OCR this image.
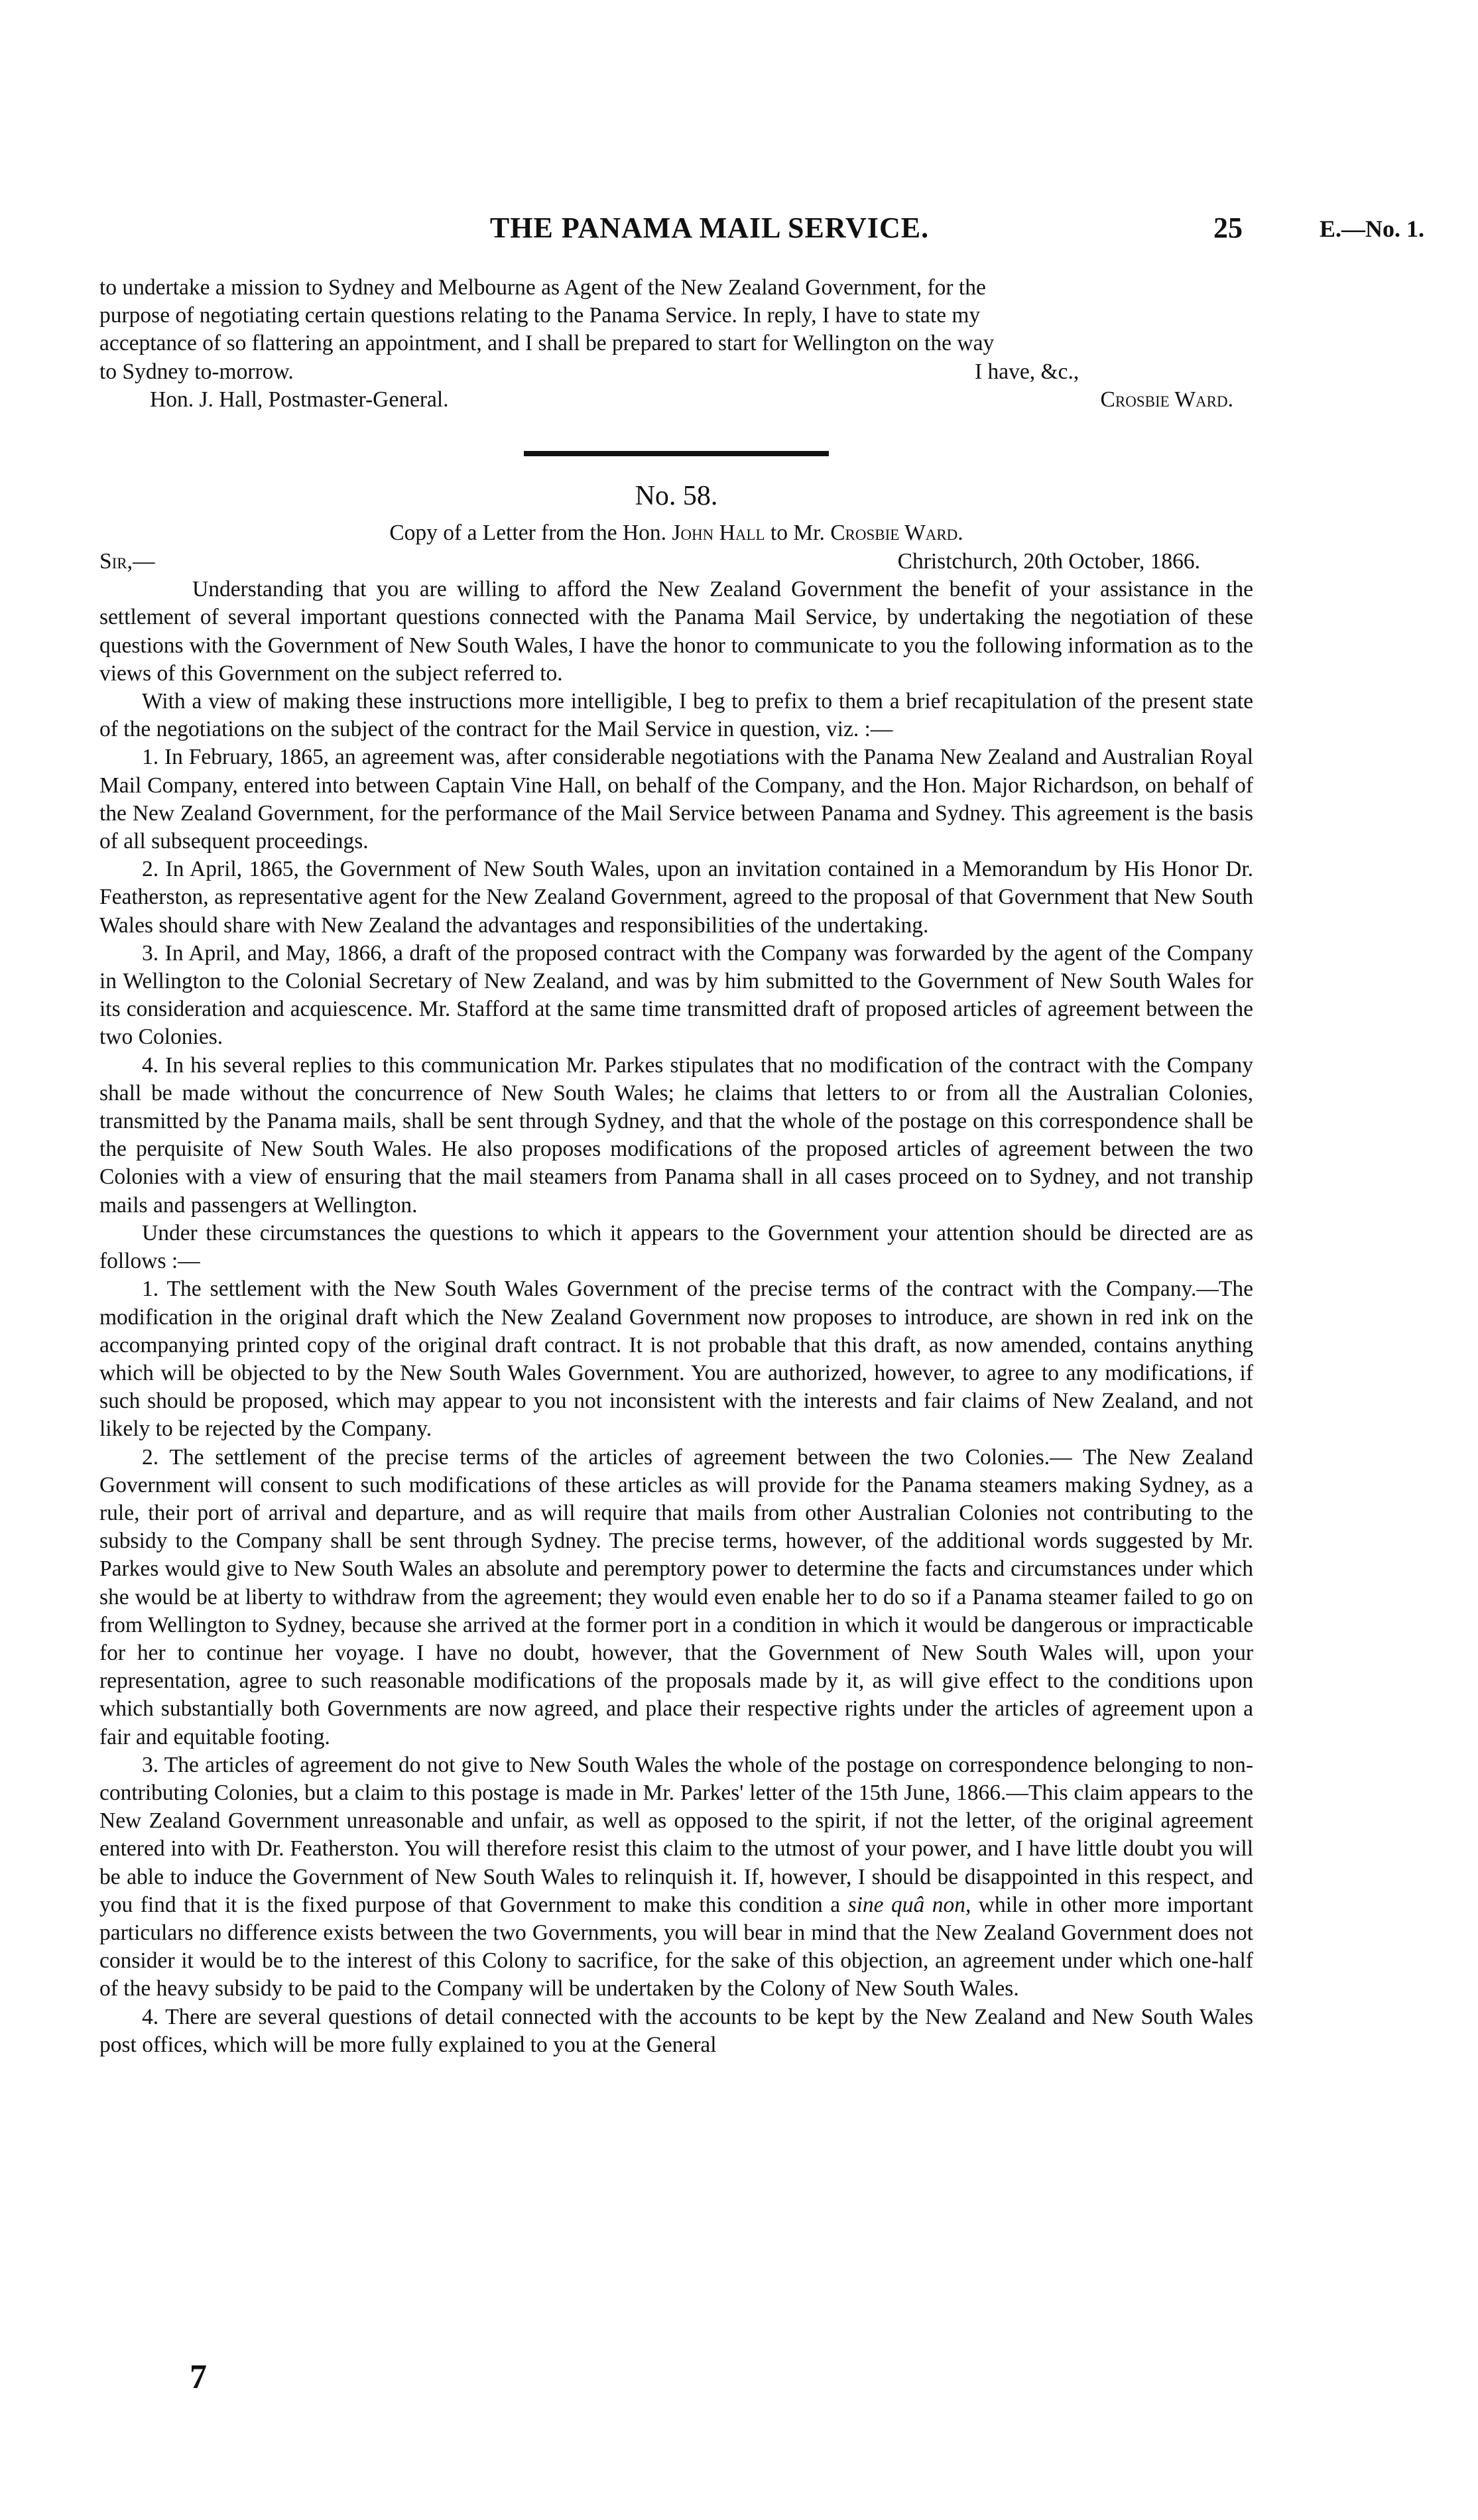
THE PANAMA MAIL SERVICE.	25	E.—No. 1.
to undertake a mission to Sydney and Melbourne as Agent of the New Zealand Government, for the
purpose of negotiating certain questions relating to the Panama Service. In reply, I have to state my
acceptance of so flattering an appointment, and I shall be prepared to start for Wellington on the way
to Sydney to-morrow.	I have, &c.,
Hon. J. Hall, Postmaster-General.	Crosbie Ward.
No. 58.
Copy of a Letter from the Hon. John Hall to Mr. Crosbie Ward.
Sir,—	Christchurch, 20th October, 1866.

Understanding that you are willing to afford the New Zealand Government the benefit of your assistance in the settlement of several important questions connected with the Panama Mail Service, by undertaking the negotiation of these questions with the Government of New South Wales, I have the honor to communicate to you the following information as to the views of this Government on the subject referred to.

With a view of making these instructions more intelligible, I beg to prefix to them a brief recapitulation of the present state of the negotiations on the subject of the contract for the Mail Service in question, viz. :—

1. In February, 1865, an agreement was, after considerable negotiations with the Panama New Zealand and Australian Royal Mail Company, entered into between Captain Vine Hall, on behalf of the Company, and the Hon. Major Richardson, on behalf of the New Zealand Government, for the performance of the Mail Service between Panama and Sydney. This agreement is the basis of all subsequent proceedings.

2. In April, 1865, the Government of New South Wales, upon an invitation contained in a Memorandum by His Honor Dr. Featherston, as representative agent for the New Zealand Government, agreed to the proposal of that Government that New South Wales should share with New Zealand the advantages and responsibilities of the undertaking.

3. In April, and May, 1866, a draft of the proposed contract with the Company was forwarded by the agent of the Company in Wellington to the Colonial Secretary of New Zealand, and was by him submitted to the Government of New South Wales for its consideration and acquiescence. Mr. Stafford at the same time transmitted draft of proposed articles of agreement between the two Colonies.

4. In his several replies to this communication Mr. Parkes stipulates that no modification of the contract with the Company shall be made without the concurrence of New South Wales; he claims that letters to or from all the Australian Colonies, transmitted by the Panama mails, shall be sent through Sydney, and that the whole of the postage on this correspondence shall be the perquisite of New South Wales. He also proposes modifications of the proposed articles of agreement between the two Colonies with a view of ensuring that the mail steamers from Panama shall in all cases proceed on to Sydney, and not tranship mails and passengers at Wellington.

Under these circumstances the questions to which it appears to the Government your attention should be directed are as follows :—

1. The settlement with the New South Wales Government of the precise terms of the contract with the Company.—The modification in the original draft which the New Zealand Government now proposes to introduce, are shown in red ink on the accompanying printed copy of the original draft contract. It is not probable that this draft, as now amended, contains anything which will be objected to by the New South Wales Government. You are authorized, however, to agree to any modifications, if such should be proposed, which may appear to you not inconsistent with the interests and fair claims of New Zealand, and not likely to be rejected by the Company.

2. The settlement of the precise terms of the articles of agreement between the two Colonies.— The New Zealand Government will consent to such modifications of these articles as will provide for the Panama steamers making Sydney, as a rule, their port of arrival and departure, and as will require that mails from other Australian Colonies not contributing to the subsidy to the Company shall be sent through Sydney. The precise terms, however, of the additional words suggested by Mr. Parkes would give to New South Wales an absolute and peremptory power to determine the facts and circumstances under which she would be at liberty to withdraw from the agreement; they would even enable her to do so if a Panama steamer failed to go on from Wellington to Sydney, because she arrived at the former port in a condition in which it would be dangerous or impracticable for her to continue her voyage. I have no doubt, however, that the Government of New South Wales will, upon your representation, agree to such reasonable modifications of the proposals made by it, as will give effect to the conditions upon which substantially both Governments are now agreed, and place their respective rights under the articles of agreement upon a fair and equitable footing.

3. The articles of agreement do not give to New South Wales the whole of the postage on correspondence belonging to non-contributing Colonies, but a claim to this postage is made in Mr. Parkes' letter of the 15th June, 1866.—This claim appears to the New Zealand Government unreasonable and unfair, as well as opposed to the spirit, if not the letter, of the original agreement entered into with Dr. Featherston. You will therefore resist this claim to the utmost of your power, and I have little doubt you will be able to induce the Government of New South Wales to relinquish it. If, however, I should be disappointed in this respect, and you find that it is the fixed purpose of that Government to make this condition a sine quâ non, while in other more important particulars no difference exists between the two Governments, you will bear in mind that the New Zealand Government does not consider it would be to the interest of this Colony to sacrifice, for the sake of this objection, an agreement under which one-half of the heavy subsidy to be paid to the Company will be undertaken by the Colony of New South Wales.

4. There are several questions of detail connected with the accounts to be kept by the New Zealand and New South Wales post offices, which will be more fully explained to you at the General

7
